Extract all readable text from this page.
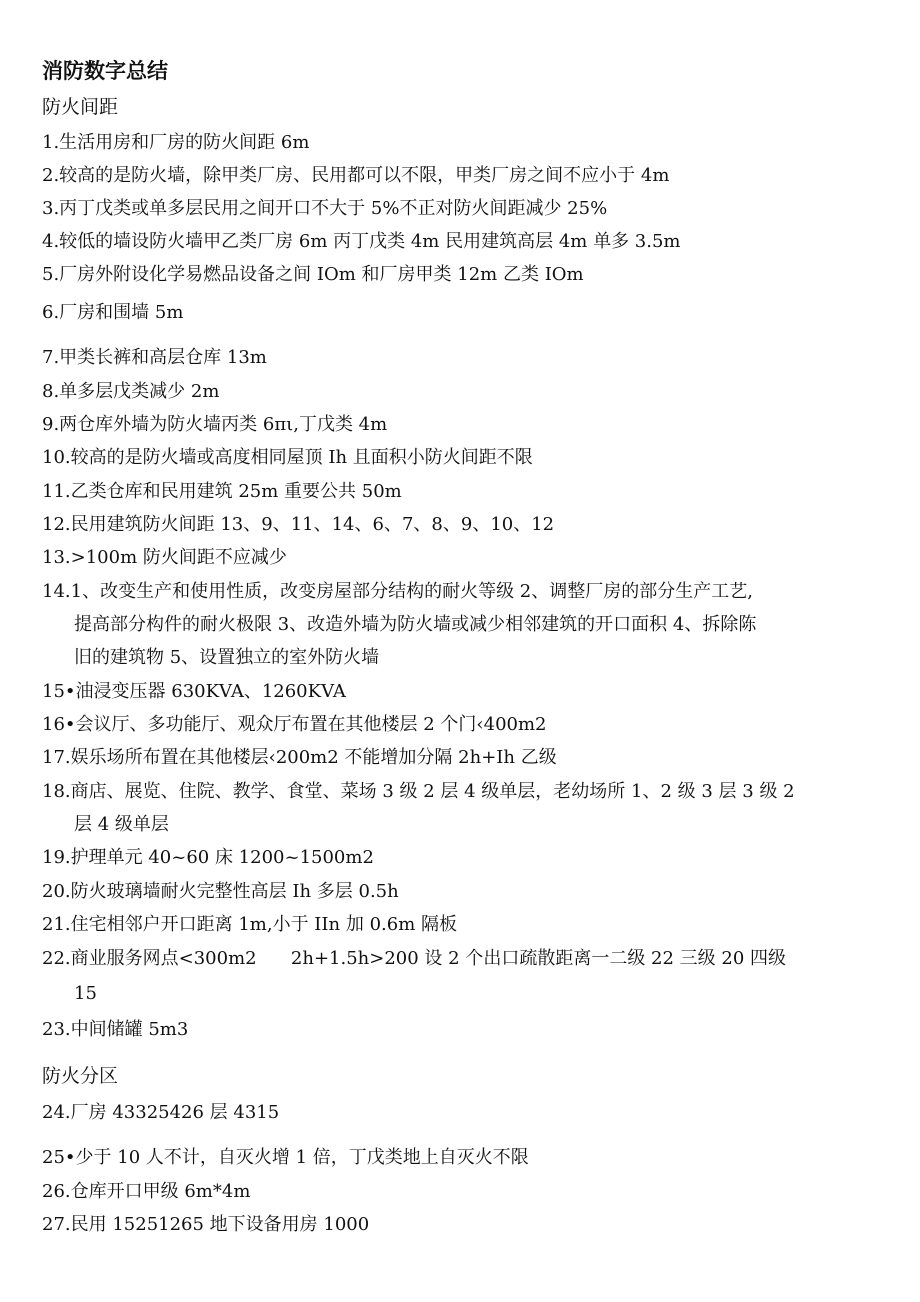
消防数字总结
防火间距
1.生活用房和厂房的防火间距 6m
2.较高的是防火墙，除甲类厂房、民用都可以不限，甲类厂房之间不应小于 4m
3.丙丁戊类或单多层民用之间开口不大于 5%不正对防火间距减少 25%
4.较低的墙设防火墙甲乙类厂房 6m 丙丁戊类 4m 民用建筑高层 4m 单多 3.5m
5.厂房外附设化学易燃品设备之间 IOm 和厂房甲类 12m 乙类 IOm
6.厂房和围墙 5m
7.甲类长裤和高层仓库 13m
8.单多层戊类减少 2m
9.两仓库外墙为防火墙丙类 6πι,丁戊类 4m
10.较高的是防火墙或高度相同屋顶 Ih 且面积小防火间距不限
11.乙类仓库和民用建筑 25m 重要公共 50m
12.民用建筑防火间距 13、9、11、14、6、7、8、9、10、12
13.>100m 防火间距不应减少
14.1、改变生产和使用性质，改变房屋部分结构的耐火等级 2、调整厂房的部分生产工艺,
提高部分构件的耐火极限 3、改造外墙为防火墙或减少相邻建筑的开口面积 4、拆除陈
旧的建筑物 5、设置独立的室外防火墙
15•油浸变压器 630KVA、1260KVA
16•会议厅、多功能厅、观众厅布置在其他楼层 2 个门‹400m2
17.娱乐场所布置在其他楼层‹200m2 不能增加分隔 2h+Ih 乙级
18.商店、展览、住院、教学、食堂、菜场 3 级 2 层 4 级单层，老幼场所 1、2 级 3 层 3 级 2
层 4 级单层
19.护理单元 40~60 床 1200~1500m2
20.防火玻璃墙耐火完整性高层 Ih 多层 0.5h
21.住宅相邻户开口距离 1m,小于 IIn 加 0.6m 隔板
22.商业服务网点<300m2      2h+1.5h>200 设 2 个出口疏散距离一二级 22 三级 20 四级
15
23.中间储罐 5m3
防火分区
24.厂房 43325426 层 4315
25•少于 10 人不计，自灭火增 1 倍，丁戊类地上自灭火不限
26.仓库开口甲级 6m*4m
27.民用 15251265 地下设备用房 1000
